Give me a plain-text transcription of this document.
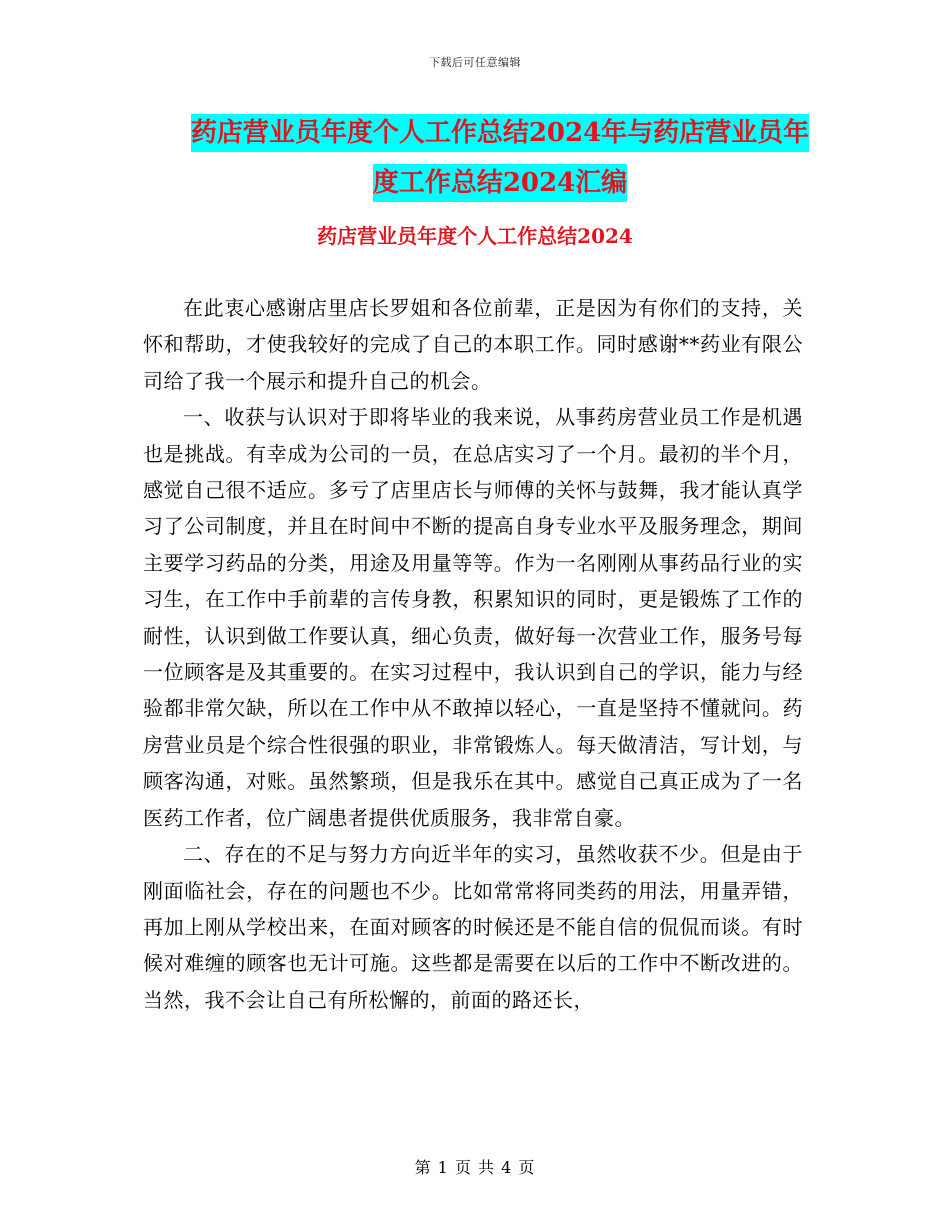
下载后可任意编辑
药店营业员年度个人工作总结2024年与药店营业员年
度工作总结2024汇编
药店营业员年度个人工作总结2024

在此衷心感谢店里店长罗姐和各位前辈，正是因为有你们的支持，关怀和帮助，才使我较好的完成了自己的本职工作。同时感谢**药业有限公司给了我一个展示和提升自己的机会。

一、收获与认识对于即将毕业的我来说，从事药房营业员工作是机遇也是挑战。有幸成为公司的一员，在总店实习了一个月。最初的半个月，感觉自己很不适应。多亏了店里店长与师傅的关怀与鼓舞，我才能认真学习了公司制度，并且在时间中不断的提高自身专业水平及服务理念，期间主要学习药品的分类，用途及用量等等。作为一名刚刚从事药品行业的实习生，在工作中手前辈的言传身教，积累知识的同时，更是锻炼了工作的耐性，认识到做工作要认真，细心负责，做好每一次营业工作，服务号每一位顾客是及其重要的。在实习过程中，我认识到自己的学识，能力与经验都非常欠缺，所以在工作中从不敢掉以轻心，一直是坚持不懂就问。药房营业员是个综合性很强的职业，非常锻炼人。每天做清洁，写计划，与顾客沟通，对账。虽然繁琐，但是我乐在其中。感觉自己真正成为了一名医药工作者，位广阔患者提供优质服务，我非常自豪。

二、存在的不足与努力方向近半年的实习，虽然收获不少。但是由于刚面临社会，存在的问题也不少。比如常常将同类药的用法，用量弄错，再加上刚从学校出来，在面对顾客的时候还是不能自信的侃侃而谈。有时候对难缠的顾客也无计可施。这些都是需要在以后的工作中不断改进的。当然，我不会让自己有所松懈的，前面的路还长，

第 1 页 共 4 页
